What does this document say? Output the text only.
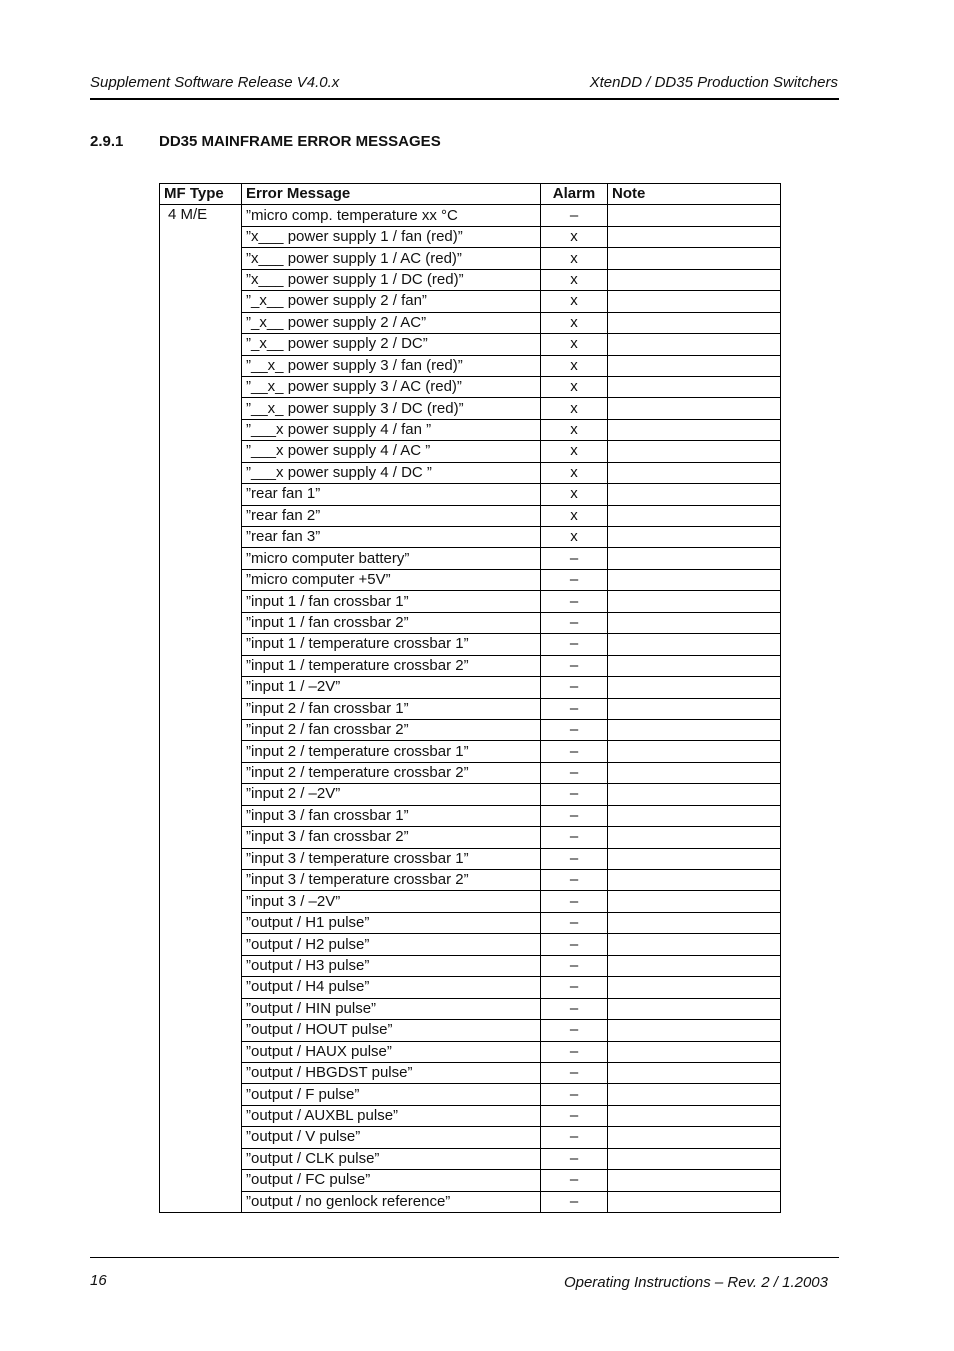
Supplement Software Release V4.0.x	XtenDD / DD35 Production Switchers
2.9.1 DD35 MAINFRAME ERROR MESSAGES
MF Type	Error Message	Alarm	Note
4 M/E	”micro comp. temperature xx °C	–	
	”x___ power supply 1 / fan (red)”	x	
	”x___ power supply 1 / AC (red)”	x	
	”x___ power supply 1 / DC (red)”	x	
	”_x__ power supply 2 / fan”	x	
	”_x__ power supply 2 / AC”	x	
	”_x__ power supply 2 / DC”	x	
	”__x_ power supply 3 / fan (red)”	x	
	”__x_ power supply 3 / AC (red)”	x	
	”__x_ power supply 3 / DC (red)”	x	
	”___x power supply 4 / fan ”	x	
	”___x power supply 4 / AC ”	x	
	”___x power supply 4 / DC ”	x	
	”rear fan 1”	x	
	”rear fan 2”	x	
	”rear fan 3”	x	
	”micro computer battery”	–	
	”micro computer +5V”	–	
	”input 1 / fan crossbar 1”	–	
	”input 1 / fan crossbar 2”	–	
	”input 1 / temperature crossbar 1”	–	
	”input 1 / temperature crossbar 2”	–	
	”input 1 / –2V”	–	
	”input 2 / fan crossbar 1”	–	
	”input 2 / fan crossbar 2”	–	
	”input 2 / temperature crossbar 1”	–	
	”input 2 / temperature crossbar 2”	–	
	”input 2 / –2V”	–	
	”input 3 / fan crossbar 1”	–	
	”input 3 / fan crossbar 2”	–	
	”input 3 / temperature crossbar 1”	–	
	”input 3 / temperature crossbar 2”	–	
	”input 3 / –2V”	–	
	”output / H1 pulse”	–	
	”output / H2 pulse”	–	
	”output / H3 pulse”	–	
	”output / H4 pulse”	–	
	”output / HIN pulse”	–	
	”output / HOUT pulse”	–	
	”output / HAUX pulse”	–	
	”output / HBGDST pulse”	–	
	”output / F pulse”	–	
	”output / AUXBL pulse”	–	
	”output / V pulse”	–	
	”output / CLK pulse”	–	
	”output / FC pulse”	–	
	”output / no genlock reference”	–	
16	Operating Instructions – Rev. 2 / 1.2003
